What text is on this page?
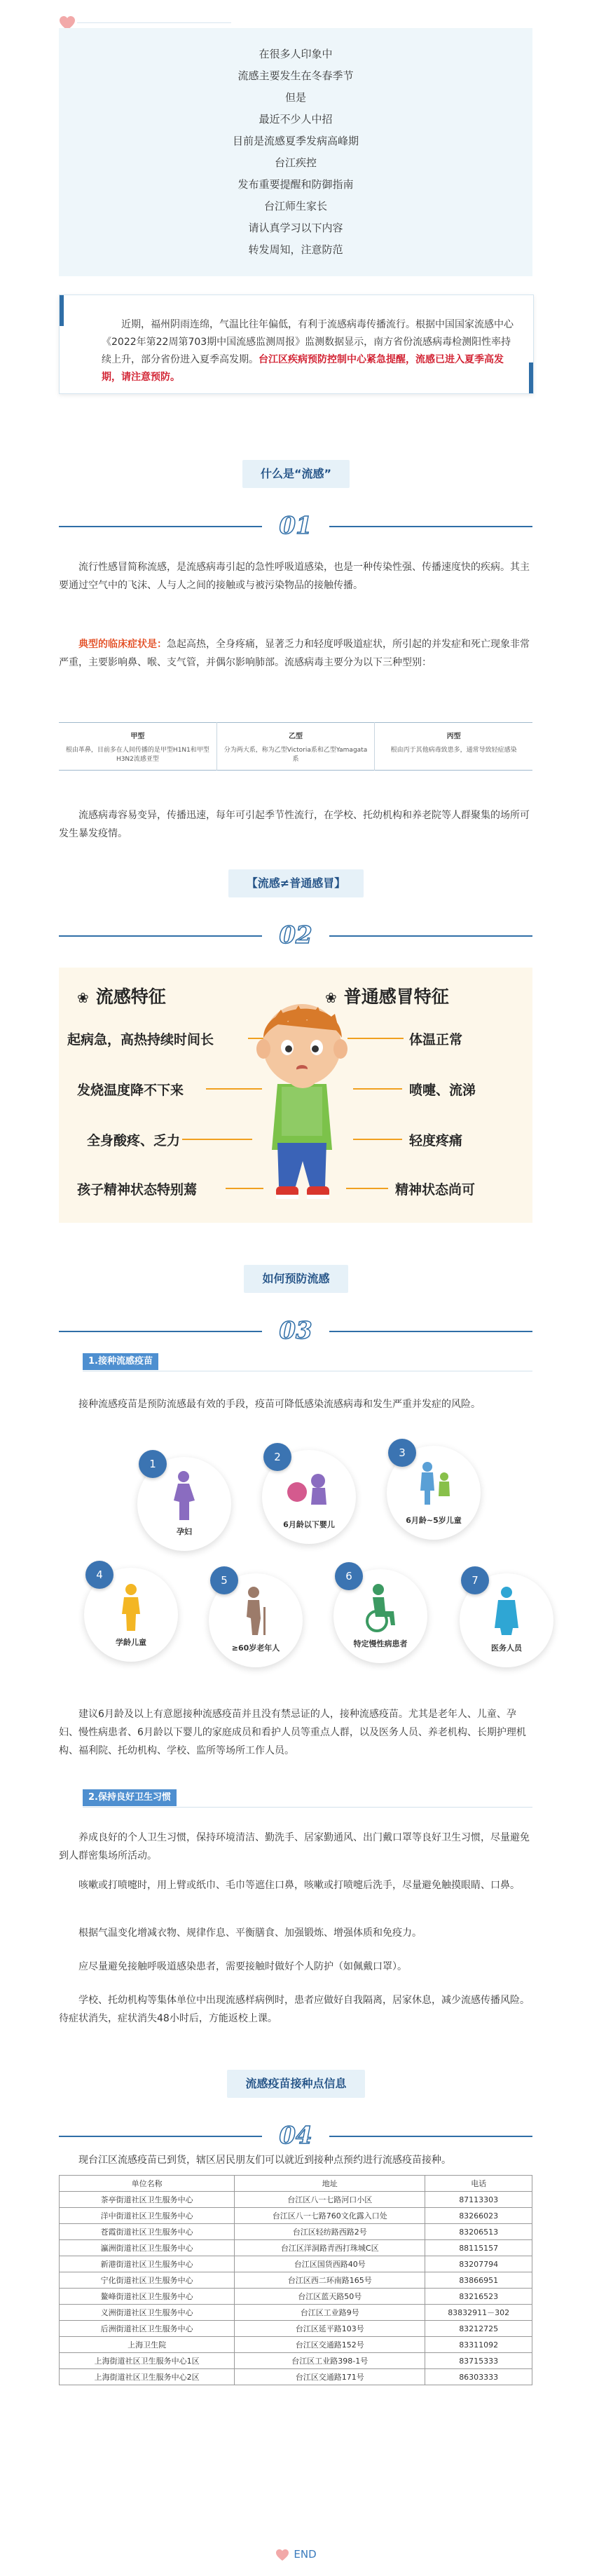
在很多人印象中
流感主要发生在冬春季节
但是
最近不少人中招
目前是流感夏季发病高峰期
台江疾控
发布重要提醒和防御指南
台江师生家长
请认真学习以下内容
转发周知，注意防范

近期，福州阴雨连绵，气温比往年偏低，有利于流感病毒传播流行。根据中国国家流感中心《2022年第22周第703期中国流感监测周报》监测数据显示，南方省份流感病毒检测阳性率持续上升，部分省份进入夏季高发期。台江区疾病预防控制中心紧急提醒，流感已进入夏季高发期，请注意预防。

什么是“流感”
01

流行性感冒简称流感，是流感病毒引起的急性呼吸道感染，也是一种传染性强、传播速度快的疾病。其主要通过空气中的飞沫、人与人之间的接触或与被污染物品的接触传播。

典型的临床症状是：急起高热，全身疼痛，显著乏力和轻度呼吸道症状，所引起的并发症和死亡现象非常严重，主要影响鼻、喉、支气管，并偶尔影响肺部。流感病毒主要分为以下三种型别：

甲型
根由革鼻，目前多在人间传播的是甲型H1N1和甲型H3N2流感亚型

乙型
分为两大系，称为乙型Victoria系和乙型Yamagata系

丙型
根由丙于其他病毒致患多，通常导致轻症感染

流感病毒容易变异，传播迅速，每年可引起季节性流行，在学校、托幼机构和养老院等人群聚集的场所可发生暴发疫情。

【流感≠普通感冒】
02
❀ 流感特征	❀ 普通感冒特征
起病急，高热持续时间长
发烧温度降不下来
全身酸疼、乏力
孩子精神状态特别蔫
体温正常
喷嚏、流涕
轻度疼痛
精神状态尚可
如何预防流感
03
1.接种流感疫苗

接种流感疫苗是预防流感最有效的手段，疫苗可降低感染流感病毒和发生严重并发症的风险。

孕妇
1
6月龄以下婴儿
2
6月龄~5岁儿童
3
学龄儿童
4
≥60岁老年人
5
特定慢性病患者
6
医务人员
7

建议6月龄及以上有意愿接种流感疫苗并且没有禁忌证的人，接种流感疫苗。尤其是老年人、儿童、孕妇、慢性病患者、6月龄以下婴儿的家庭成员和看护人员等重点人群，以及医务人员、养老机构、长期护理机构、福利院、托幼机构、学校、监所等场所工作人员。

2.保持良好卫生习惯

养成良好的个人卫生习惯，保持环境清洁、勤洗手、居家勤通风、出门戴口罩等良好卫生习惯，尽量避免到人群密集场所活动。

咳嗽或打喷嚏时，用上臂或纸巾、毛巾等遮住口鼻，咳嗽或打喷嚏后洗手，尽量避免触摸眼睛、口鼻。

根据气温变化增减衣物、规律作息、平衡膳食、加强锻炼、增强体质和免疫力。

应尽量避免接触呼吸道感染患者，需要接触时做好个人防护（如佩戴口罩）。

学校、托幼机构等集体单位中出现流感样病例时，患者应做好自我隔离，居家休息，减少流感传播风险。待症状消失，症状消失48小时后，方能返校上课。

流感疫苗接种点信息
04

现台江区流感疫苗已到货，辖区居民朋友们可以就近到接种点预约进行流感疫苗接种。

单位名称	地址	电话
茶亭街道社区卫生服务中心	台江区八一七路河口小区	87113303
洋中街道社区卫生服务中心	台江区八一七路760文化露入口处	83266023
苍霞街道社区卫生服务中心	台江区轻纺路西路2号	83206513
瀛洲街道社区卫生服务中心	台江区洋洞路青西打珠城C区	88115157
新港街道社区卫生服务中心	台江区国货西路40号	83207794
宁化街道社区卫生服务中心	台江区西二环南路165号	83866951
鳌峰街道社区卫生服务中心	台江区蓝天路50号	83216523
义洲街道社区卫生服务中心	台江区工业路9号	83832911－302
后洲街道社区卫生服务中心	台江区延平路103号	83212725
上海卫生院	台江区交通路152号	83311092
上海街道社区卫生服务中心1区	台江区工业路398-1号	83715333
上海街道社区卫生服务中心2区	台江区交通路171号	86303333
END
